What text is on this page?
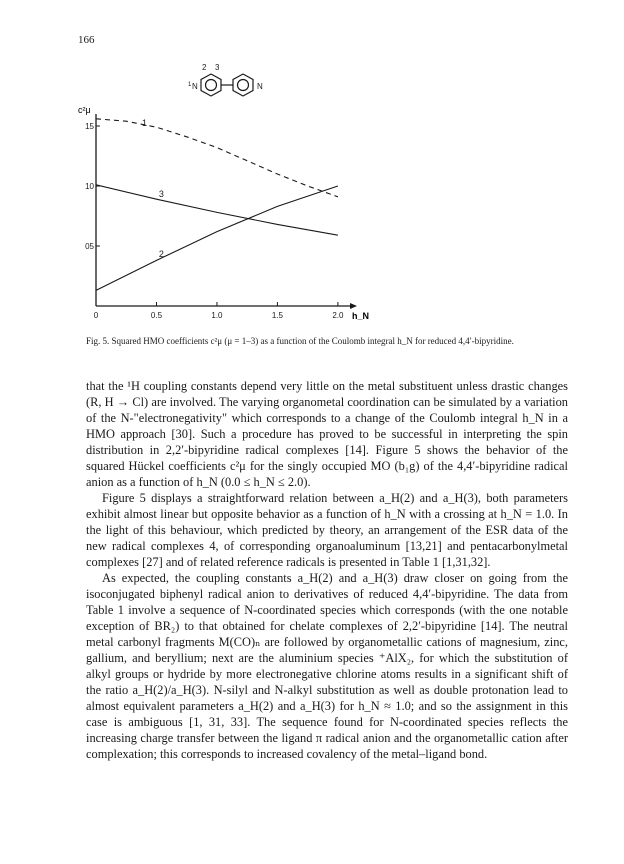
166
2 3
1 N	N
c²μ
h_N
0	0.5	1.0	1.5	2.0
15
10
05
1
3
2
Fig. 5. Squared HMO coefficients c²μ (μ = 1–3) as a function of the Coulomb integral h_N for reduced 4,4′-bipyridine.

that the ¹H coupling constants depend very little on the metal substituent unless drastic changes (R, H → Cl) are involved. The varying organometal coordination can be simulated by a variation of the N-"electronegativity" which corresponds to a change of the Coulomb integral h_N in a HMO approach [30]. Such a procedure has proved to be successful in interpreting the spin distribution in 2,2′-bipyridine radical complexes [14]. Figure 5 shows the behavior of the squared Hückel coefficients c²μ for the singly occupied MO (b₁g) of the 4,4′-bipyridine radical anion as a function of h_N (0.0 ≤ h_N ≤ 2.0).

Figure 5 displays a straightforward relation between a_H(2) and a_H(3), both parameters exhibit almost linear but opposite behavior as a function of h_N with a crossing at h_N = 1.0. In the light of this behaviour, which predicted by theory, an arrangement of the ESR data of the new radical complexes 4, of corresponding organoaluminum [13,21] and pentacarbonylmetal complexes [27] and of related reference radicals is presented in Table 1 [1,31,32].

As expected, the coupling constants a_H(2) and a_H(3) draw closer on going from the isoconjugated biphenyl radical anion to derivatives of reduced 4,4′-bipyridine. The data from Table 1 involve a sequence of N-coordinated species which corresponds (with the one notable exception of BR₂) to that obtained for chelate complexes of 2,2′-bipyridine [14]. The neutral metal carbonyl fragments M(CO)ₙ are followed by organometallic cations of magnesium, zinc, gallium, and beryllium; next are the aluminium species ⁺AlX₂, for which the substitution of alkyl groups or hydride by more electronegative chlorine atoms results in a significant shift of the ratio a_H(2)/a_H(3). N-silyl and N-alkyl substitution as well as double protonation lead to almost equivalent parameters a_H(2) and a_H(3) for h_N ≈ 1.0; and so the assignment in this case is ambiguous [1, 31, 33]. The sequence found for N-coordinated species reflects the increasing charge transfer between the ligand π radical anion and the organometallic cation after complexation; this corresponds to increased covalency of the metal–ligand bond.
